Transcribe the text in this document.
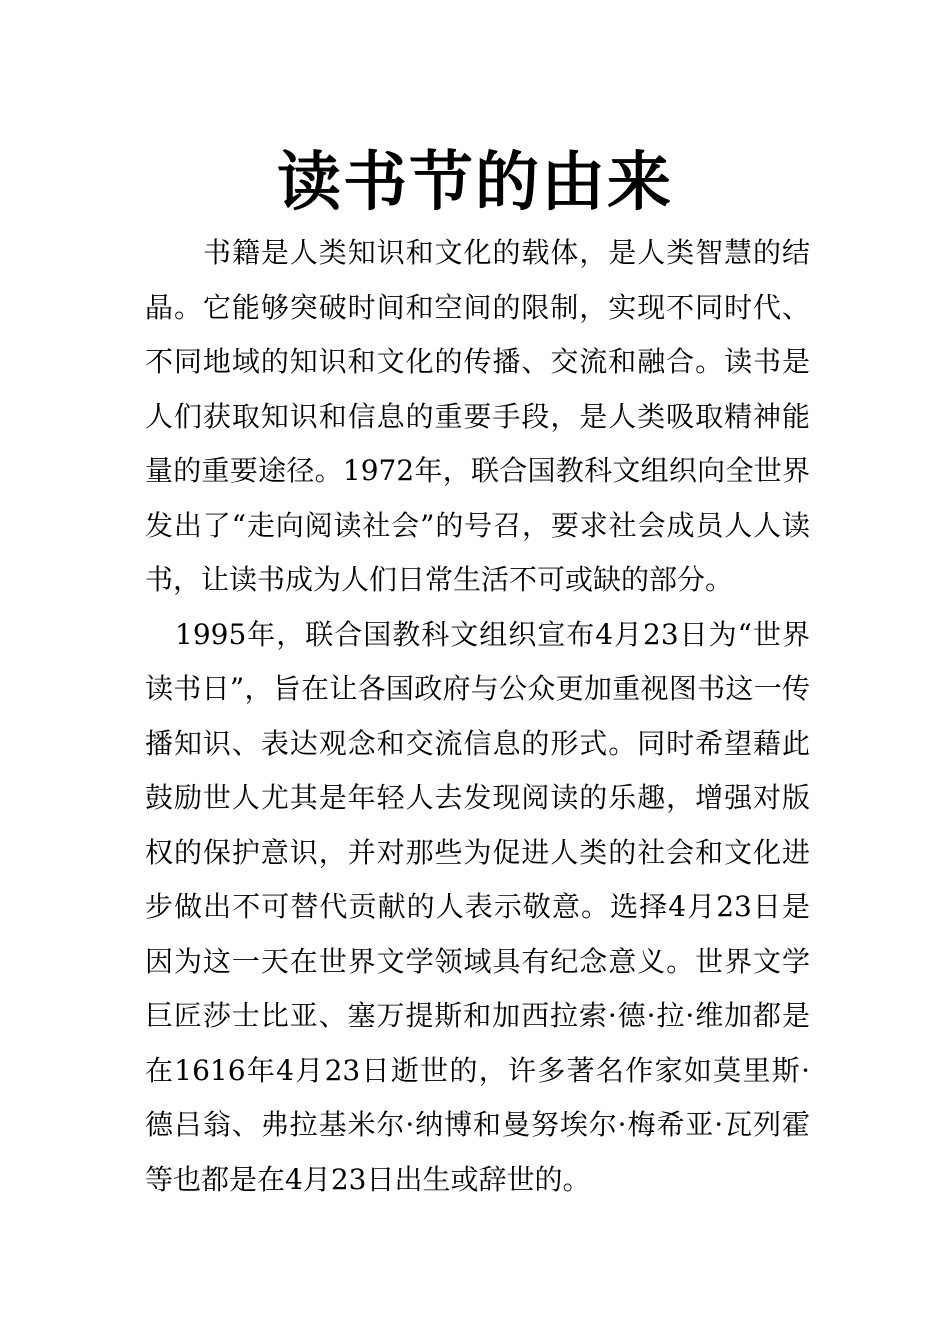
读书节的由来

书籍是人类知识和文化的载体，是人类智慧的结晶。它能够突破时间和空间的限制，实现不同时代、不同地域的知识和文化的传播、交流和融合。读书是人们获取知识和信息的重要手段，是人类吸取精神能量的重要途径。1972年，联合国教科文组织向全世界发出了“走向阅读社会”的号召，要求社会成员人人读书，让读书成为人们日常生活不可或缺的部分。

1995年，联合国教科文组织宣布4月23日为“世界读书日”，旨在让各国政府与公众更加重视图书这一传播知识、表达观念和交流信息的形式。同时希望藉此鼓励世人尤其是年轻人去发现阅读的乐趣，增强对版权的保护意识，并对那些为促进人类的社会和文化进步做出不可替代贡献的人表示敬意。选择4月23日是因为这一天在世界文学领域具有纪念意义。世界文学巨匠莎士比亚、塞万提斯和加西拉索·德·拉·维加都是在1616年4月23日逝世的，许多著名作家如莫里斯·德吕翁、弗拉基米尔·纳博和曼努埃尔·梅希亚·瓦列霍等也都是在4月23日出生或辞世的。
